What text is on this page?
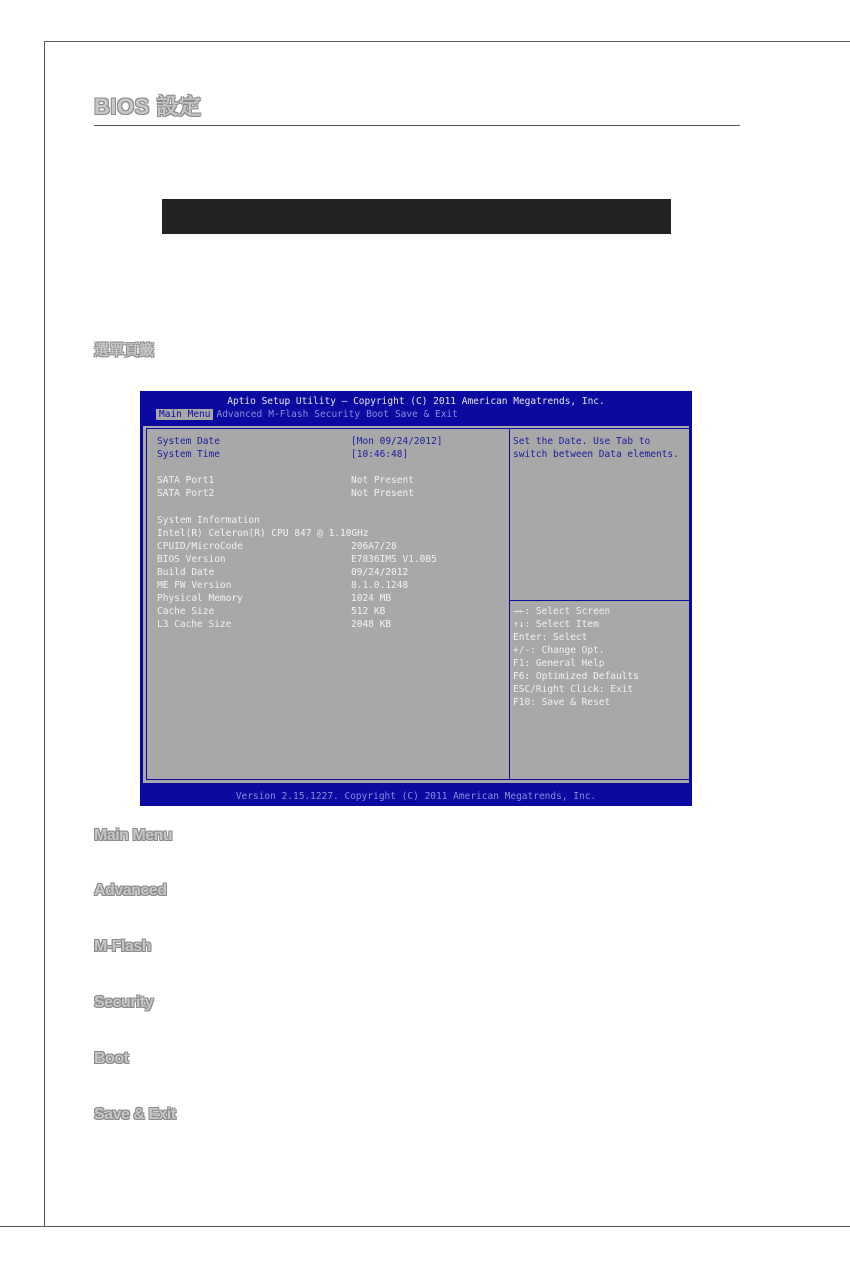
BIOS 設定
選單頁籤
Aptio Setup Utility – Copyright (C) 2011 American Megatrends, Inc.
Main Menu Advanced M-Flash Security Boot Save & Exit
System Date	[Mon 09/24/2012]
System Time	[10:46:48]
SATA Port1	Not Present
SATA Port2	Not Present
System Information
Intel(R) Celeron(R) CPU 847 @ 1.10GHz
CPUID/MicroCode	206A7/28
BIOS Version	E7836IMS V1.0B5
Build Date	09/24/2012
ME FW Version	8.1.0.1248
Physical Memory	1024 MB
Cache Size	512 KB
L3 Cache Size	2048 KB
Set the Date. Use Tab to
switch between Data elements.
→←: Select Screen
↑↓: Select Item
Enter: Select
+/-: Change Opt.
F1: General Help
F6: Optimized Defaults
ESC/Right Click: Exit
F10: Save & Reset
Version 2.15.1227. Copyright (C) 2011 American Megatrends, Inc.
Main Menu
Advanced
M-Flash
Security
Boot
Save & Exit
